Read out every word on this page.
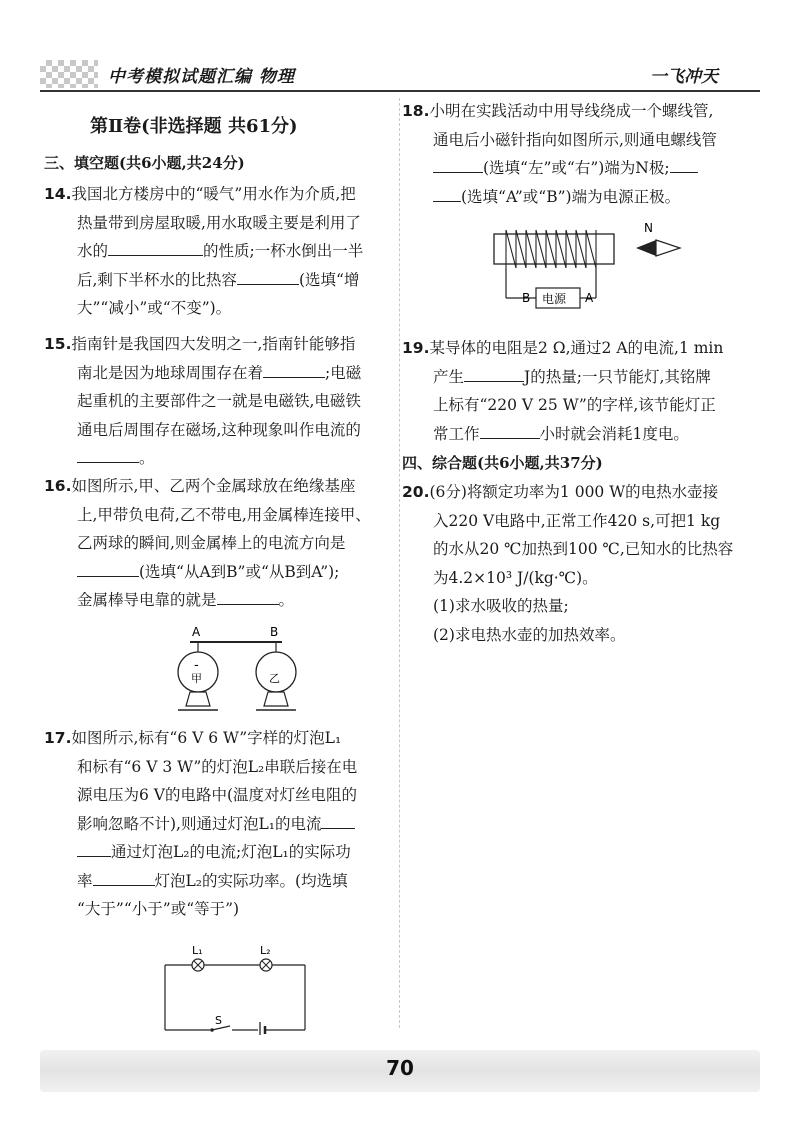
中考模拟试题汇编 物理	一飞冲天
第Ⅱ卷(非选择题 共61分)
三、填空题(共6小题,共24分)
14.我国北方楼房中的“暖气”用水作为介质,把
热量带到房屋取暖,用水取暖主要是利用了
水的	的性质;一杯水倒出一半
后,剩下半杯水的比热容	(选填“增
大”“减小”或“不变”)。
15.指南针是我国四大发明之一,指南针能够指
南北是因为地球周围存在着	;电磁
起重机的主要部件之一就是电磁铁,电磁铁
通电后周围存在磁场,这种现象叫作电流的
。
16.如图所示,甲、乙两个金属球放在绝缘基座
上,甲带负电荷,乙不带电,用金属棒连接甲、
乙两球的瞬间,则金属棒上的电流方向是
(选填“从A到B”或“从B到A”);
金属棒导电靠的就是	。
A	B
-
甲	乙
17.如图所示,标有“6 V 6 W”字样的灯泡L₁
和标有“6 V 3 W”的灯泡L₂串联后接在电
源电压为6 V的电路中(温度对灯丝电阻的
影响忽略不计),则通过灯泡L₁的电流
通过灯泡L₂的电流;灯泡L₁的实际功
率	灯泡L₂的实际功率。(均选填
“大于”“小于”或“等于”)
L₁	L₂
S
18.小明在实践活动中用导线绕成一个螺线管,
通电后小磁针指向如图所示,则通电螺线管
(选填“左”或“右”)端为N极;
(选填“A”或“B”)端为电源正极。
电源
B	A
N
19.某导体的电阻是2 Ω,通过2 A的电流,1 min
产生	J的热量;一只节能灯,其铭牌
上标有“220 V 25 W”的字样,该节能灯正
常工作	小时就会消耗1度电。
四、综合题(共6小题,共37分)
20.(6分)将额定功率为1 000 W的电热水壶接
入220 V电路中,正常工作420 s,可把1 kg
的水从20 ℃加热到100 ℃,已知水的比热容
为4.2×10³ J/(kg·℃)。
(1)求水吸收的热量;
(2)求电热水壶的加热效率。
70
